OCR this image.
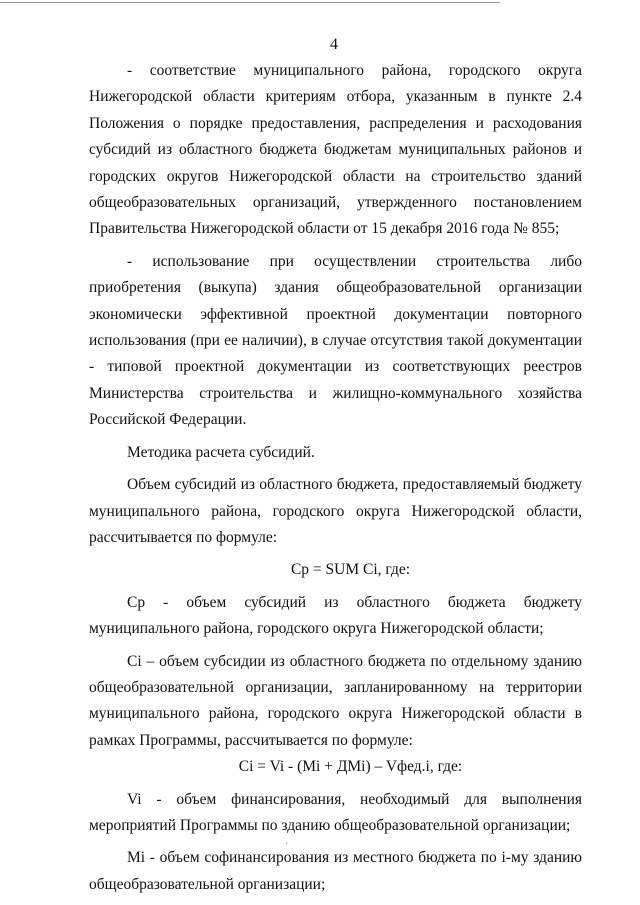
4

- соответствие муниципального района, городского округа Нижегородской области критериям отбора, указанным в пункте 2.4 Положения о порядке предоставления, распределения и расходования субсидий из областного бюджета бюджетам муниципальных районов и городских округов Нижегородской области на строительство зданий общеобразовательных организаций, утвержденного постановлением Правительства Нижегородской области от 15 декабря 2016 года № 855;

- использование при осуществлении строительства либо приобретения (выкупа) здания общеобразовательной организации экономически эффективной проектной документации повторного использования (при ее наличии), в случае отсутствия такой документации - типовой проектной документации из соответствующих реестров Министерства строительства и жилищно-коммунального хозяйства Российской Федерации.

Методика расчета субсидий.

Объем субсидий из областного бюджета, предоставляемый бюджету муниципального района, городского округа Нижегородской области, рассчитывается по формуле:

Ср = SUM Ci, где:

Ср - объем субсидий из областного бюджета бюджету муниципального района, городского округа Нижегородской области;

Ci – объем субсидии из областного бюджета по отдельному зданию общеобразовательной организации, запланированному на территории муниципального района, городского округа Нижегородской области в рамках Программы, рассчитывается по формуле:

Ci = Vi - (Mi + ДMi) – Vфед.i, где:

Vi - объем финансирования, необходимый для выполнения мероприятий Программы по зданию общеобразовательной организации;

Mi - объем софинансирования из местного бюджета по i-му зданию общеобразовательной организации;
